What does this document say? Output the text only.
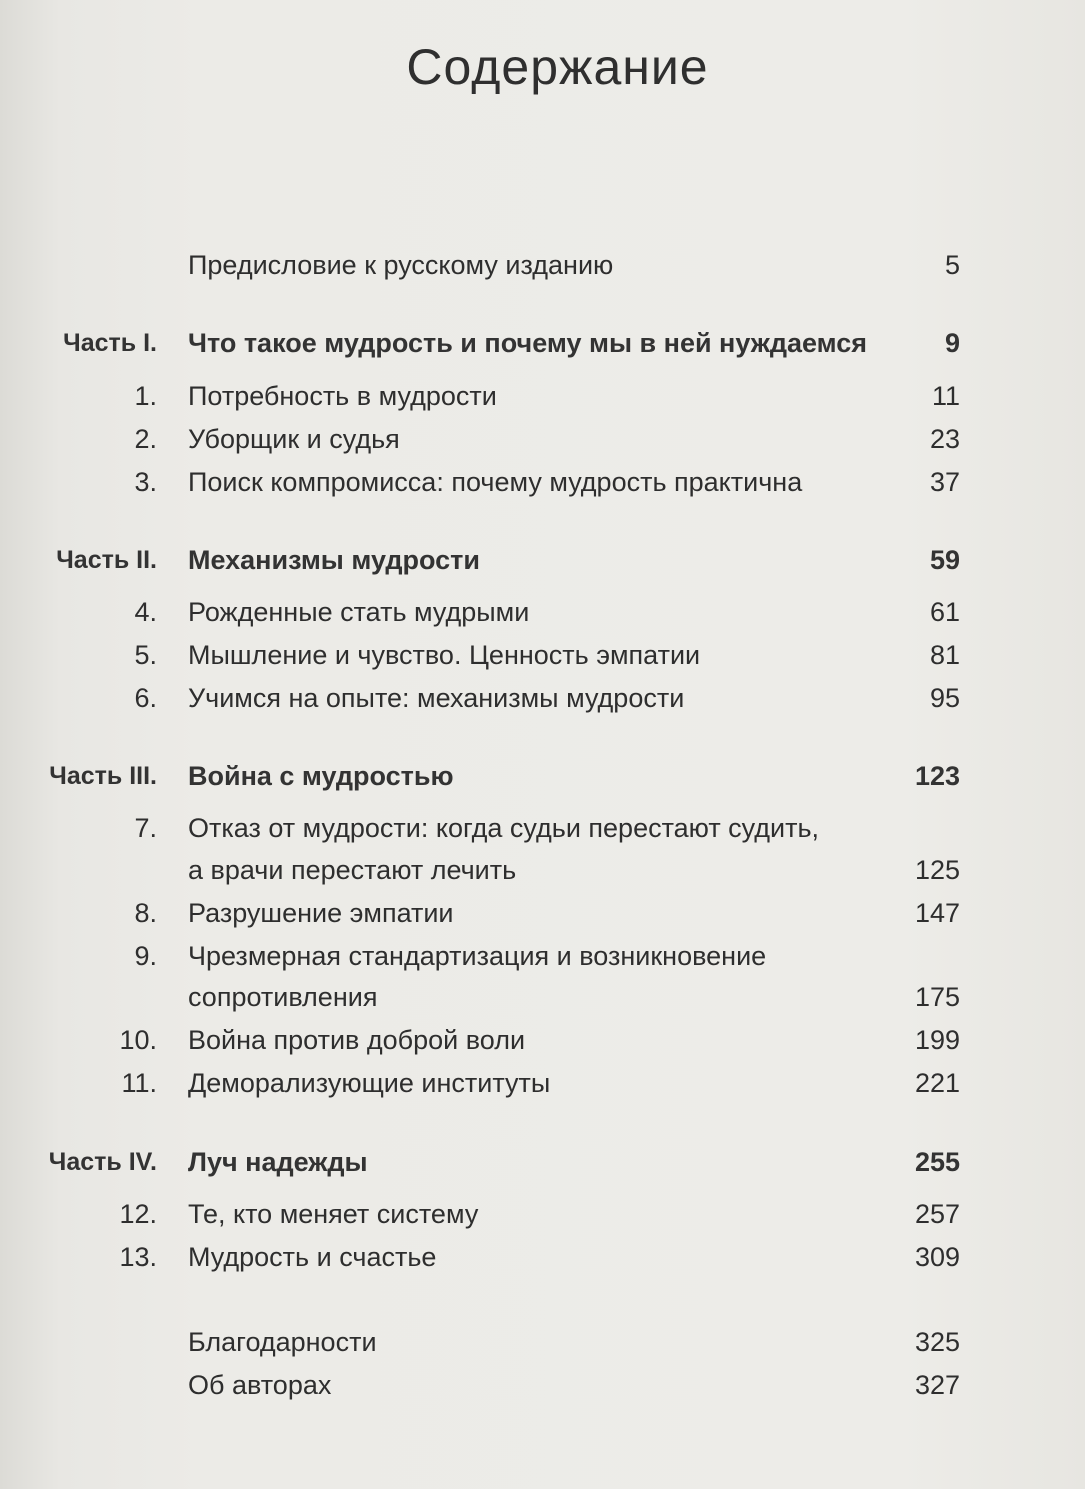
Содержание
Предисловие к русскому изданию	5
Часть I. Что такое мудрость и почему мы в ней нуждаемся	9
1. Потребность в мудрости	11
2. Уборщик и судья	23
3. Поиск компромисса: почему мудрость практична	37
Часть II. Механизмы мудрости	59
4. Рожденные стать мудрыми	61
5. Мышление и чувство. Ценность эмпатии	81
6. Учимся на опыте: механизмы мудрости	95
Часть III. Война с мудростью	123
7. Отказ от мудрости: когда судьи перестают судить,
а врачи перестают лечить	125
8. Разрушение эмпатии	147
9. Чрезмерная стандартизация и возникновение
сопротивления	175
10. Война против доброй воли	199
11. Деморализующие институты	221
Часть IV. Луч надежды	255
12. Те, кто меняет систему	257
13. Мудрость и счастье	309
Благодарности	325
Об авторах	327
